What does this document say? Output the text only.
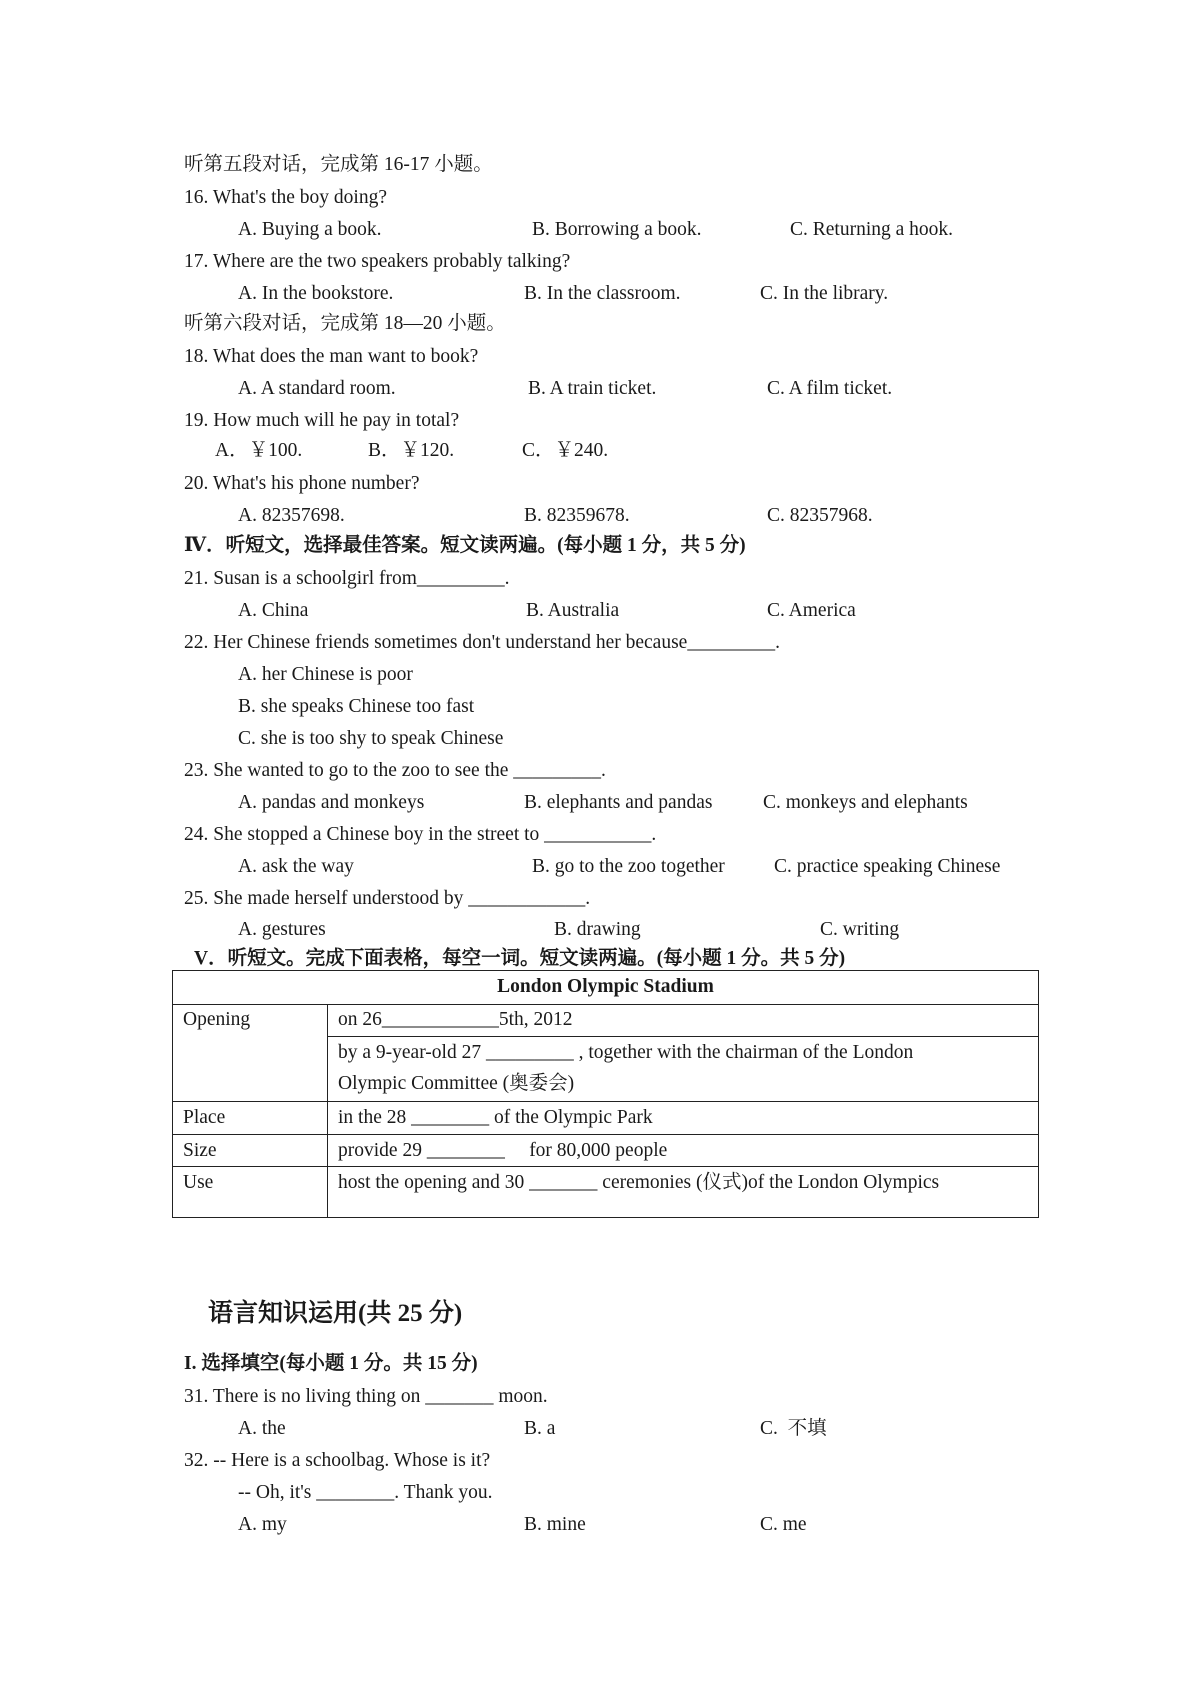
听第五段对话，完成第 16-17 小题。
16. What's the boy doing?
A. Buying a book.	B. Borrowing a book.	C. Returning a hook.
17. Where are the two speakers probably talking?
A. In the bookstore.	B. In the classroom.	C. In the library.
听第六段对话，完成第 18—20 小题。
18. What does the man want to book?
A. A standard room.	B. A train ticket.	C. A film ticket.
19. How much will he pay in total?
A．￥100.	B．￥120.	C．￥240.
20. What's his phone number?
A. 82357698.	B. 82359678.	C. 82357968.
Ⅳ．听短文，选择最佳答案。短文读两遍。(每小题 1 分，共 5 分)
21. Susan is a schoolgirl from_________.
A. China	B. Australia	C. America
22. Her Chinese friends sometimes don't understand her because_________.
A. her Chinese is poor
B. she speaks Chinese too fast
C. she is too shy to speak Chinese
23. She wanted to go to the zoo to see the _________.
A. pandas and monkeys	B. elephants and pandas	C. monkeys and elephants
24. She stopped a Chinese boy in the street to ___________.
A. ask the way	B. go to the zoo together	C. practice speaking Chinese
25. She made herself understood by ____________.
A. gestures	B. drawing	C. writing
V．听短文。完成下面表格，每空一词。短文读两遍。(每小题 1 分。共 5 分)
London Olympic Stadium
Opening	on 26____________5th, 2012
by a 9-year-old 27 _________ , together with the chairman of the London
Olympic Committee (奥委会)
Place	in the 28 ________ of the Olympic Park
Size	provide 29 ________     for 80,000 people
Use	host the opening and 30 _______ ceremonies (仪式)of the London Olympics
语言知识运用(共 25 分)
I. 选择填空(每小题 1 分。共 15 分)
31. There is no living thing on _______ moon.
A. the	B. a	C.  不填
32. -- Here is a schoolbag. Whose is it?
-- Oh, it's ________. Thank you.
A. my	B. mine	C. me
